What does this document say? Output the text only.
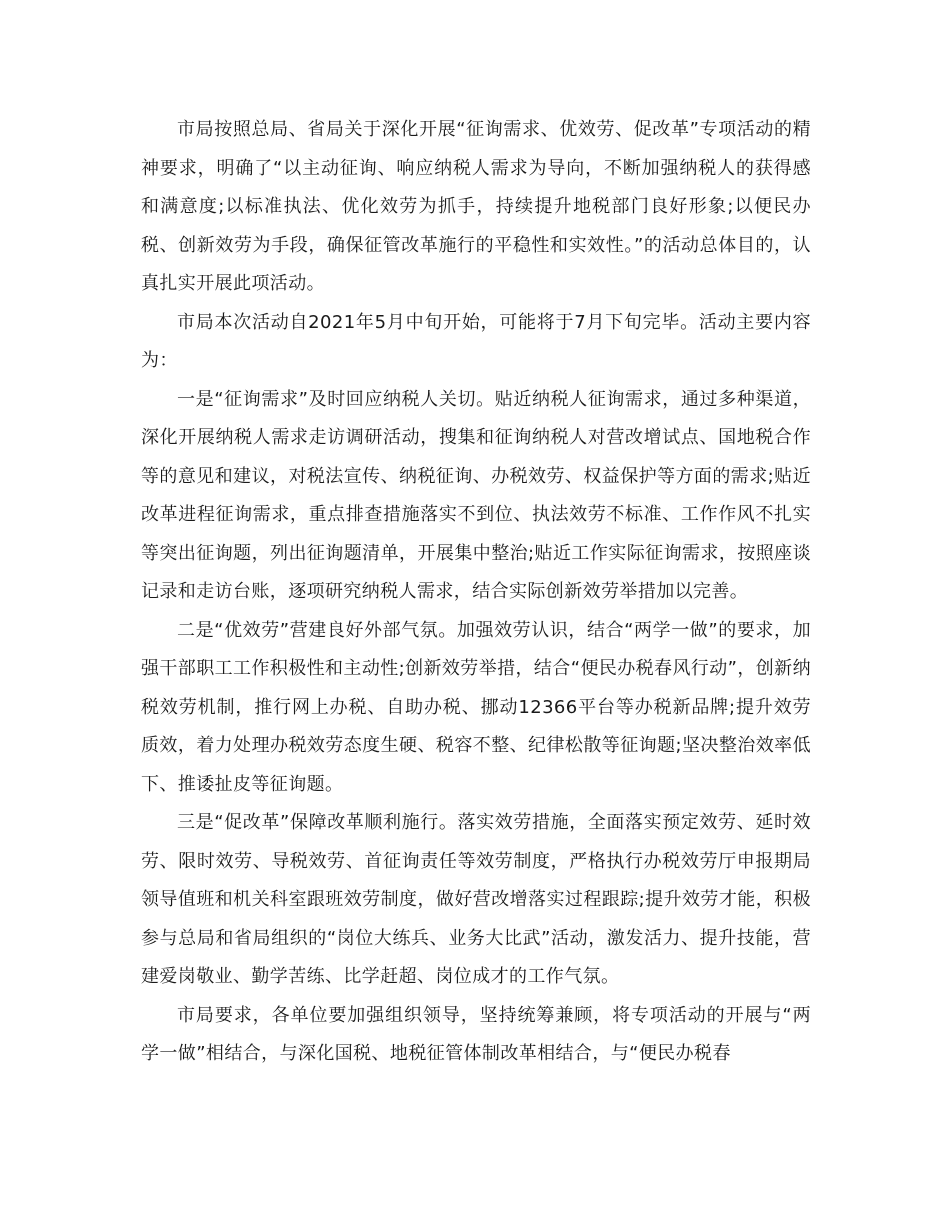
市局按照总局、省局关于深化开展“征询需求、优效劳、促改革”专项活动的精神要求，明确了“以主动征询、响应纳税人需求为导向，不断加强纳税人的获得感和满意度;以标准执法、优化效劳为抓手，持续提升地税部门良好形象;以便民办税、创新效劳为手段，确保征管改革施行的平稳性和实效性。”的活动总体目的，认真扎实开展此项活动。

市局本次活动自2021年5月中旬开始，可能将于7月下旬完毕。活动主要内容为：

一是“征询需求”及时回应纳税人关切。贴近纳税人征询需求，通过多种渠道，深化开展纳税人需求走访调研活动，搜集和征询纳税人对营改增试点、国地税合作等的意见和建议，对税法宣传、纳税征询、办税效劳、权益保护等方面的需求;贴近改革进程征询需求，重点排查措施落实不到位、执法效劳不标准、工作作风不扎实等突出征询题，列出征询题清单，开展集中整治;贴近工作实际征询需求，按照座谈记录和走访台账，逐项研究纳税人需求，结合实际创新效劳举措加以完善。

二是“优效劳”营建良好外部气氛。加强效劳认识，结合“两学一做”的要求，加强干部职工工作积极性和主动性;创新效劳举措，结合“便民办税春风行动”，创新纳税效劳机制，推行网上办税、自助办税、挪动12366平台等办税新品牌;提升效劳质效，着力处理办税效劳态度生硬、税容不整、纪律松散等征询题;坚决整治效率低下、推诿扯皮等征询题。

三是“促改革”保障改革顺利施行。落实效劳措施，全面落实预定效劳、延时效劳、限时效劳、导税效劳、首征询责任等效劳制度，严格执行办税效劳厅申报期局领导值班和机关科室跟班效劳制度，做好营改增落实过程跟踪;提升效劳才能，积极参与总局和省局组织的“岗位大练兵、业务大比武”活动，激发活力、提升技能，营建爱岗敬业、勤学苦练、比学赶超、岗位成才的工作气氛。

市局要求，各单位要加强组织领导，坚持统筹兼顾，将专项活动的开展与“两学一做”相结合，与深化国税、地税征管体制改革相结合，与“便民办税春
